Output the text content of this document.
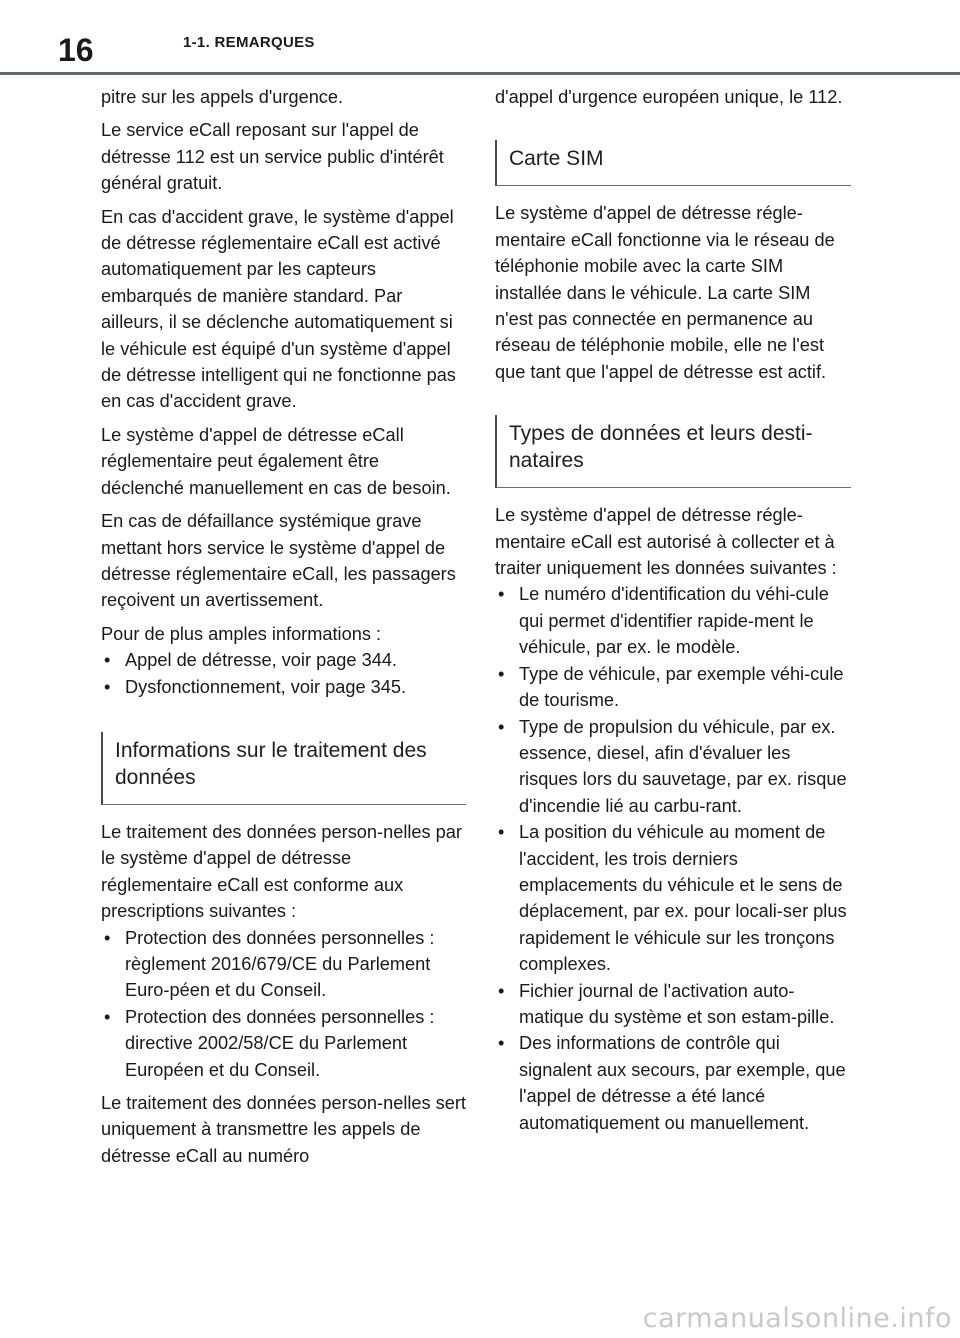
16	1-1. REMARQUES

pitre sur les appels d'urgence.

Le service eCall reposant sur l'appel de détresse 112 est un service public d'intérêt général gratuit.

En cas d'accident grave, le système d'appel de détresse réglementaire eCall est activé automatiquement par les capteurs embarqués de manière standard. Par ailleurs, il se déclenche automatiquement si le véhicule est équipé d'un système d'appel de détresse intelligent qui ne fonctionne pas en cas d'accident grave.

Le système d'appel de détresse eCall réglementaire peut également être déclenché manuellement en cas de besoin.

En cas de défaillance systémique grave mettant hors service le système d'appel de détresse réglementaire eCall, les passagers reçoivent un avertissement.

Pour de plus amples informations :

• Appel de détresse, voir page 344.
• Dysfonctionnement, voir page 345.
Informations sur le traitement des données

Le traitement des données person-nelles par le système d'appel de détresse réglementaire eCall est conforme aux prescriptions suivantes :

• Protection des données personnelles : règlement 2016/679/CE du Parlement Euro-péen et du Conseil.
• Protection des données personnelles : directive 2002/58/CE du Parlement Européen et du Conseil.

Le traitement des données person-nelles sert uniquement à transmettre les appels de détresse eCall au numéro

d'appel d'urgence européen unique, le 112.

Carte SIM

Le système d'appel de détresse régle-mentaire eCall fonctionne via le réseau de téléphonie mobile avec la carte SIM installée dans le véhicule. La carte SIM n'est pas connectée en permanence au réseau de téléphonie mobile, elle ne l'est que tant que l'appel de détresse est actif.

Types de données et leurs desti-nataires

Le système d'appel de détresse régle-mentaire eCall est autorisé à collecter et à traiter uniquement les données suivantes :

• Le numéro d'identification du véhi-cule qui permet d'identifier rapide-ment le véhicule, par ex. le modèle.
• Type de véhicule, par exemple véhi-cule de tourisme.
• Type de propulsion du véhicule, par ex. essence, diesel, afin d'évaluer les risques lors du sauvetage, par ex. risque d'incendie lié au carbu-rant.
• La position du véhicule au moment de l'accident, les trois derniers emplacements du véhicule et le sens de déplacement, par ex. pour locali-ser plus rapidement le véhicule sur les tronçons complexes.
• Fichier journal de l'activation auto-matique du système et son estam-pille.
• Des informations de contrôle qui signalent aux secours, par exemple, que l'appel de détresse a été lancé automatiquement ou manuellement.
carmanualsonline.info
